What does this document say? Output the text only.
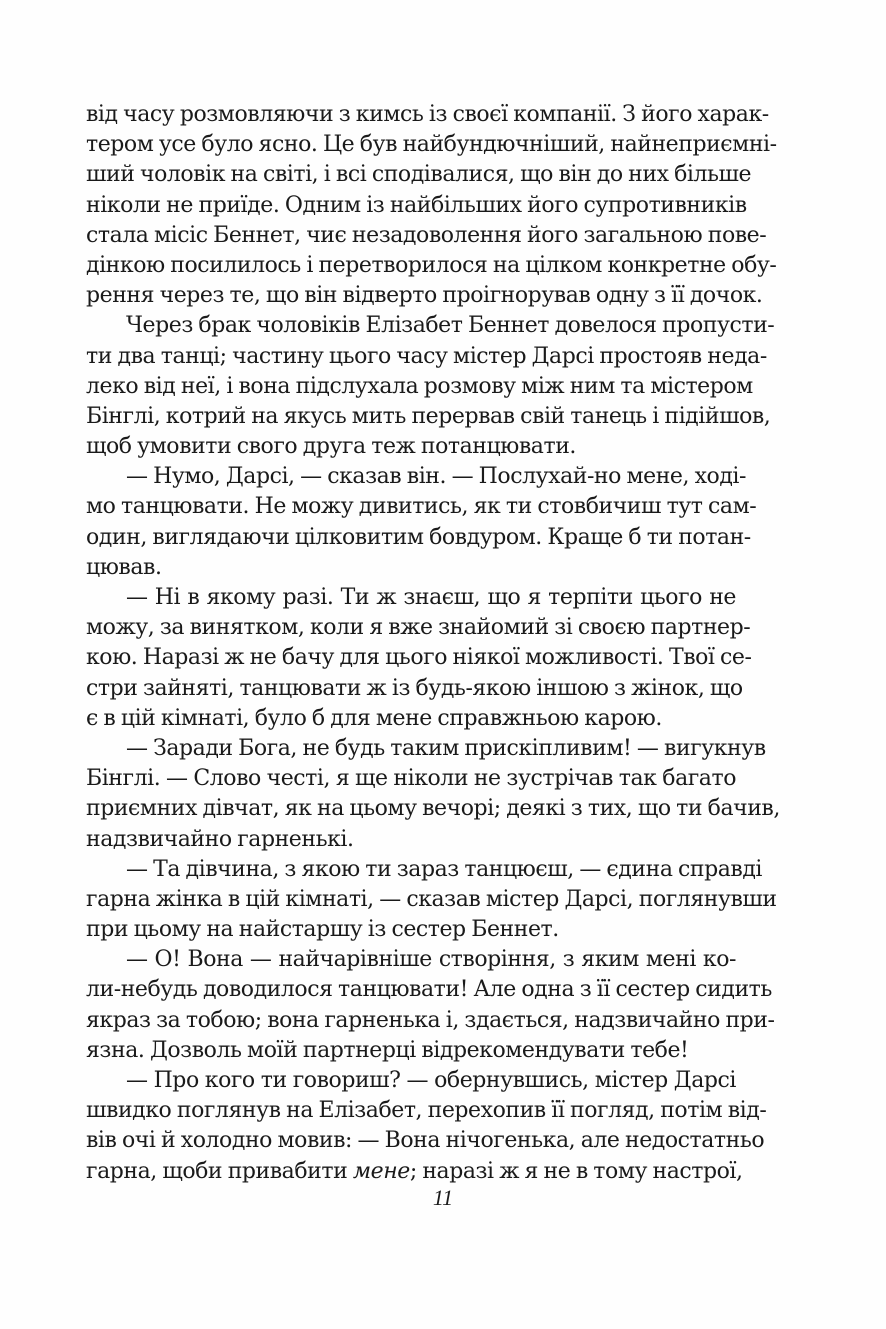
від часу розмовляючи з кимсь із своєї компанії. З його харак-
тером усе було ясно. Це був найбундючніший, найнеприємні-
ший чоловік на світі, і всі сподівалися, що він до них більше
ніколи не приїде. Одним із найбільших його супротивників
стала місіс Беннет, чиє незадоволення його загальною пове-
дінкою посилилось і перетворилося на цілком конкретне обу-
рення через те, що він відверто проігнорував одну з її дочок.
Через брак чоловіків Елізабет Беннет довелося пропусти-
ти два танці; частину цього часу містер Дарсі простояв неда-
леко від неї, і вона підслухала розмову між ним та містером
Бінглі, котрий на якусь мить перервав свій танець і підійшов,
щоб умовити свого друга теж потанцювати.
— Нумо, Дарсі, — сказав він. — Послухай-но мене, ході-
мо танцювати. Не можу дивитись, як ти стовбичиш тут сам-
один, виглядаючи цілковитим бовдуром. Краще б ти потан-
цював.
— Ні в якому разі. Ти ж знаєш, що я терпіти цього не
можу, за винятком, коли я вже знайомий зі своєю партнер-
кою. Наразі ж не бачу для цього ніякої можливості. Твої се-
стри зайняті, танцювати ж із будь-якою іншою з жінок, що
є в цій кімнаті, було б для мене справжньою карою.
— Заради Бога, не будь таким прискіпливим! — вигукнув
Бінглі. — Слово честі, я ще ніколи не зустрічав так багато
приємних дівчат, як на цьому вечорі; деякі з тих, що ти бачив,
надзвичайно гарненькі.
— Та дівчина, з якою ти зараз танцюєш, — єдина справді
гарна жінка в цій кімнаті, — сказав містер Дарсі, поглянувши
при цьому на найстаршу із сестер Беннет.
— О! Вона — найчарівніше створіння, з яким мені ко-
ли-небудь доводилося танцювати! Але одна з її сестер сидить
якраз за тобою; вона гарненька і, здається, надзвичайно при-
язна. Дозволь моїй партнерці відрекомендувати тебе!
— Про кого ти говориш? — обернувшись, містер Дарсі
швидко поглянув на Елізабет, перехопив її погляд, потім від-
вів очі й холодно мовив: — Вона нічогенька, але недостатньо
гарна, щоби привабити мене; наразі ж я не в тому настрої,
11
